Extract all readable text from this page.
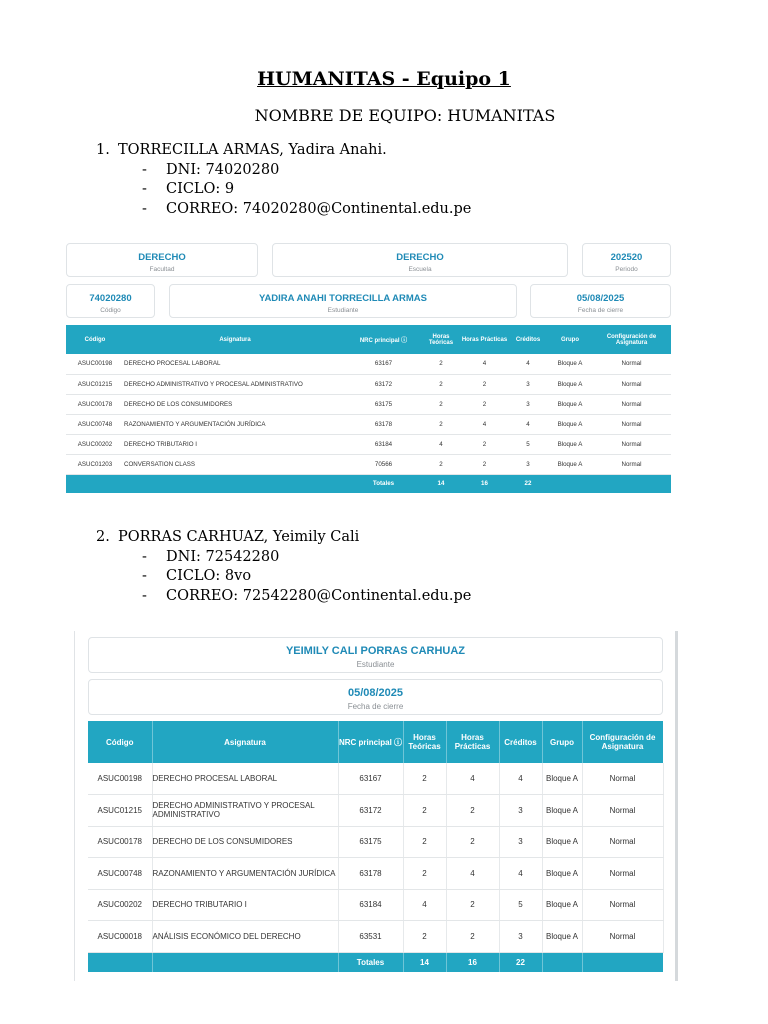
HUMANITAS - Equipo 1
NOMBRE DE EQUIPO: HUMANITAS
1. TORRECILLA ARMAS, Yadira Anahi.
-	DNI: 74020280
-	CICLO: 9
-	CORREO: 74020280@Continental.edu.pe
DERECHO
Facultad
DERECHO
Escuela
202520
Periodo
74020280
Código
YADIRA ANAHI TORRECILLA ARMAS
Estudiante
05/08/2025
Fecha de cierre
Código	Asignatura	NRC principal ⓘ	Horas Teóricas	Horas Prácticas	Créditos	Grupo	Configuración de Asignatura
ASUC00198	DERECHO PROCESAL LABORAL	63167	2	4	4	Bloque A	Normal
ASUC01215	DERECHO ADMINISTRATIVO Y PROCESAL ADMINISTRATIVO	63172	2	2	3	Bloque A	Normal
ASUC00178	DERECHO DE LOS CONSUMIDORES	63175	2	2	3	Bloque A	Normal
ASUC00748	RAZONAMIENTO Y ARGUMENTACIÓN JURÍDICA	63178	2	4	4	Bloque A	Normal
ASUC00202	DERECHO TRIBUTARIO I	63184	4	2	5	Bloque A	Normal
ASUC01203	CONVERSATION CLASS	70566	2	2	3	Bloque A	Normal
		Totales	14	16	22		
2. PORRAS CARHUAZ, Yeimily Cali
-	DNI: 72542280
-	CICLO: 8vo
-	CORREO: 72542280@Continental.edu.pe
YEIMILY CALI PORRAS CARHUAZ
Estudiante
05/08/2025
Fecha de cierre
Código	Asignatura	NRC principal ⓘ	Horas Teóricas	Horas Prácticas	Créditos	Grupo	Configuración de Asignatura
ASUC00198	DERECHO PROCESAL LABORAL	63167	2	4	4	Bloque A	Normal
ASUC01215	DERECHO ADMINISTRATIVO Y PROCESAL ADMINISTRATIVO	63172	2	2	3	Bloque A	Normal
ASUC00178	DERECHO DE LOS CONSUMIDORES	63175	2	2	3	Bloque A	Normal
ASUC00748	RAZONAMIENTO Y ARGUMENTACIÓN JURÍDICA	63178	2	4	4	Bloque A	Normal
ASUC00202	DERECHO TRIBUTARIO I	63184	4	2	5	Bloque A	Normal
ASUC00018	ANÁLISIS ECONÓMICO DEL DERECHO	63531	2	2	3	Bloque A	Normal
		Totales	14	16	22		
